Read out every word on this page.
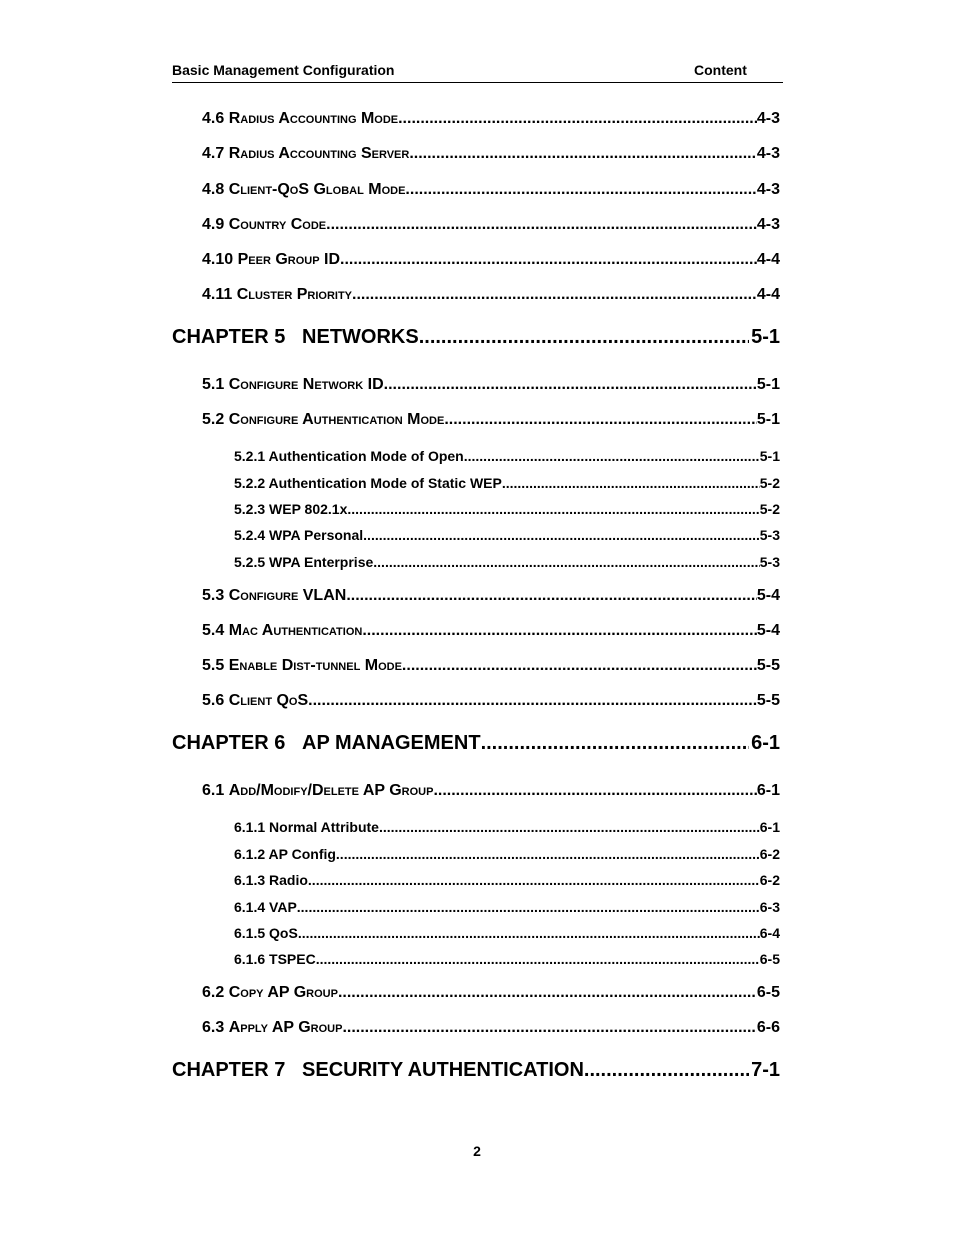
Basic Management Configuration	Content
4.6 Radius Accounting Mode .....	4-3
4.7 Radius Accounting Server .....	4-3
4.8 Client-QoS Global Mode .....	4-3
4.9 Country Code .....	4-3
4.10 Peer Group ID .....	4-4
4.11 Cluster Priority .....	4-4
CHAPTER 5 NETWORKS .....	5-1
5.1 Configure Network ID .....	5-1
5.2 Configure Authentication Mode .....	5-1
5.2.1 Authentication Mode of Open .....	5-1
5.2.2 Authentication Mode of Static WEP .....	5-2
5.2.3 WEP 802.1x .....	5-2
5.2.4 WPA Personal .....	5-3
5.2.5 WPA Enterprise .....	5-3
5.3 Configure VLAN .....	5-4
5.4 Mac Authentication .....	5-4
5.5 Enable Dist-tunnel Mode .....	5-5
5.6 Client QoS .....	5-5
CHAPTER 6 AP MANAGEMENT .....	6-1
6.1 Add/Modify/Delete AP Group .....	6-1
6.1.1 Normal Attribute .....	6-1
6.1.2 AP Config .....	6-2
6.1.3 Radio .....	6-2
6.1.4 VAP .....	6-3
6.1.5 QoS .....	6-4
6.1.6 TSPEC .....	6-5
6.2 Copy AP Group .....	6-5
6.3 Apply AP Group .....	6-6
CHAPTER 7 SECURITY AUTHENTICATION .....	7-1
2
